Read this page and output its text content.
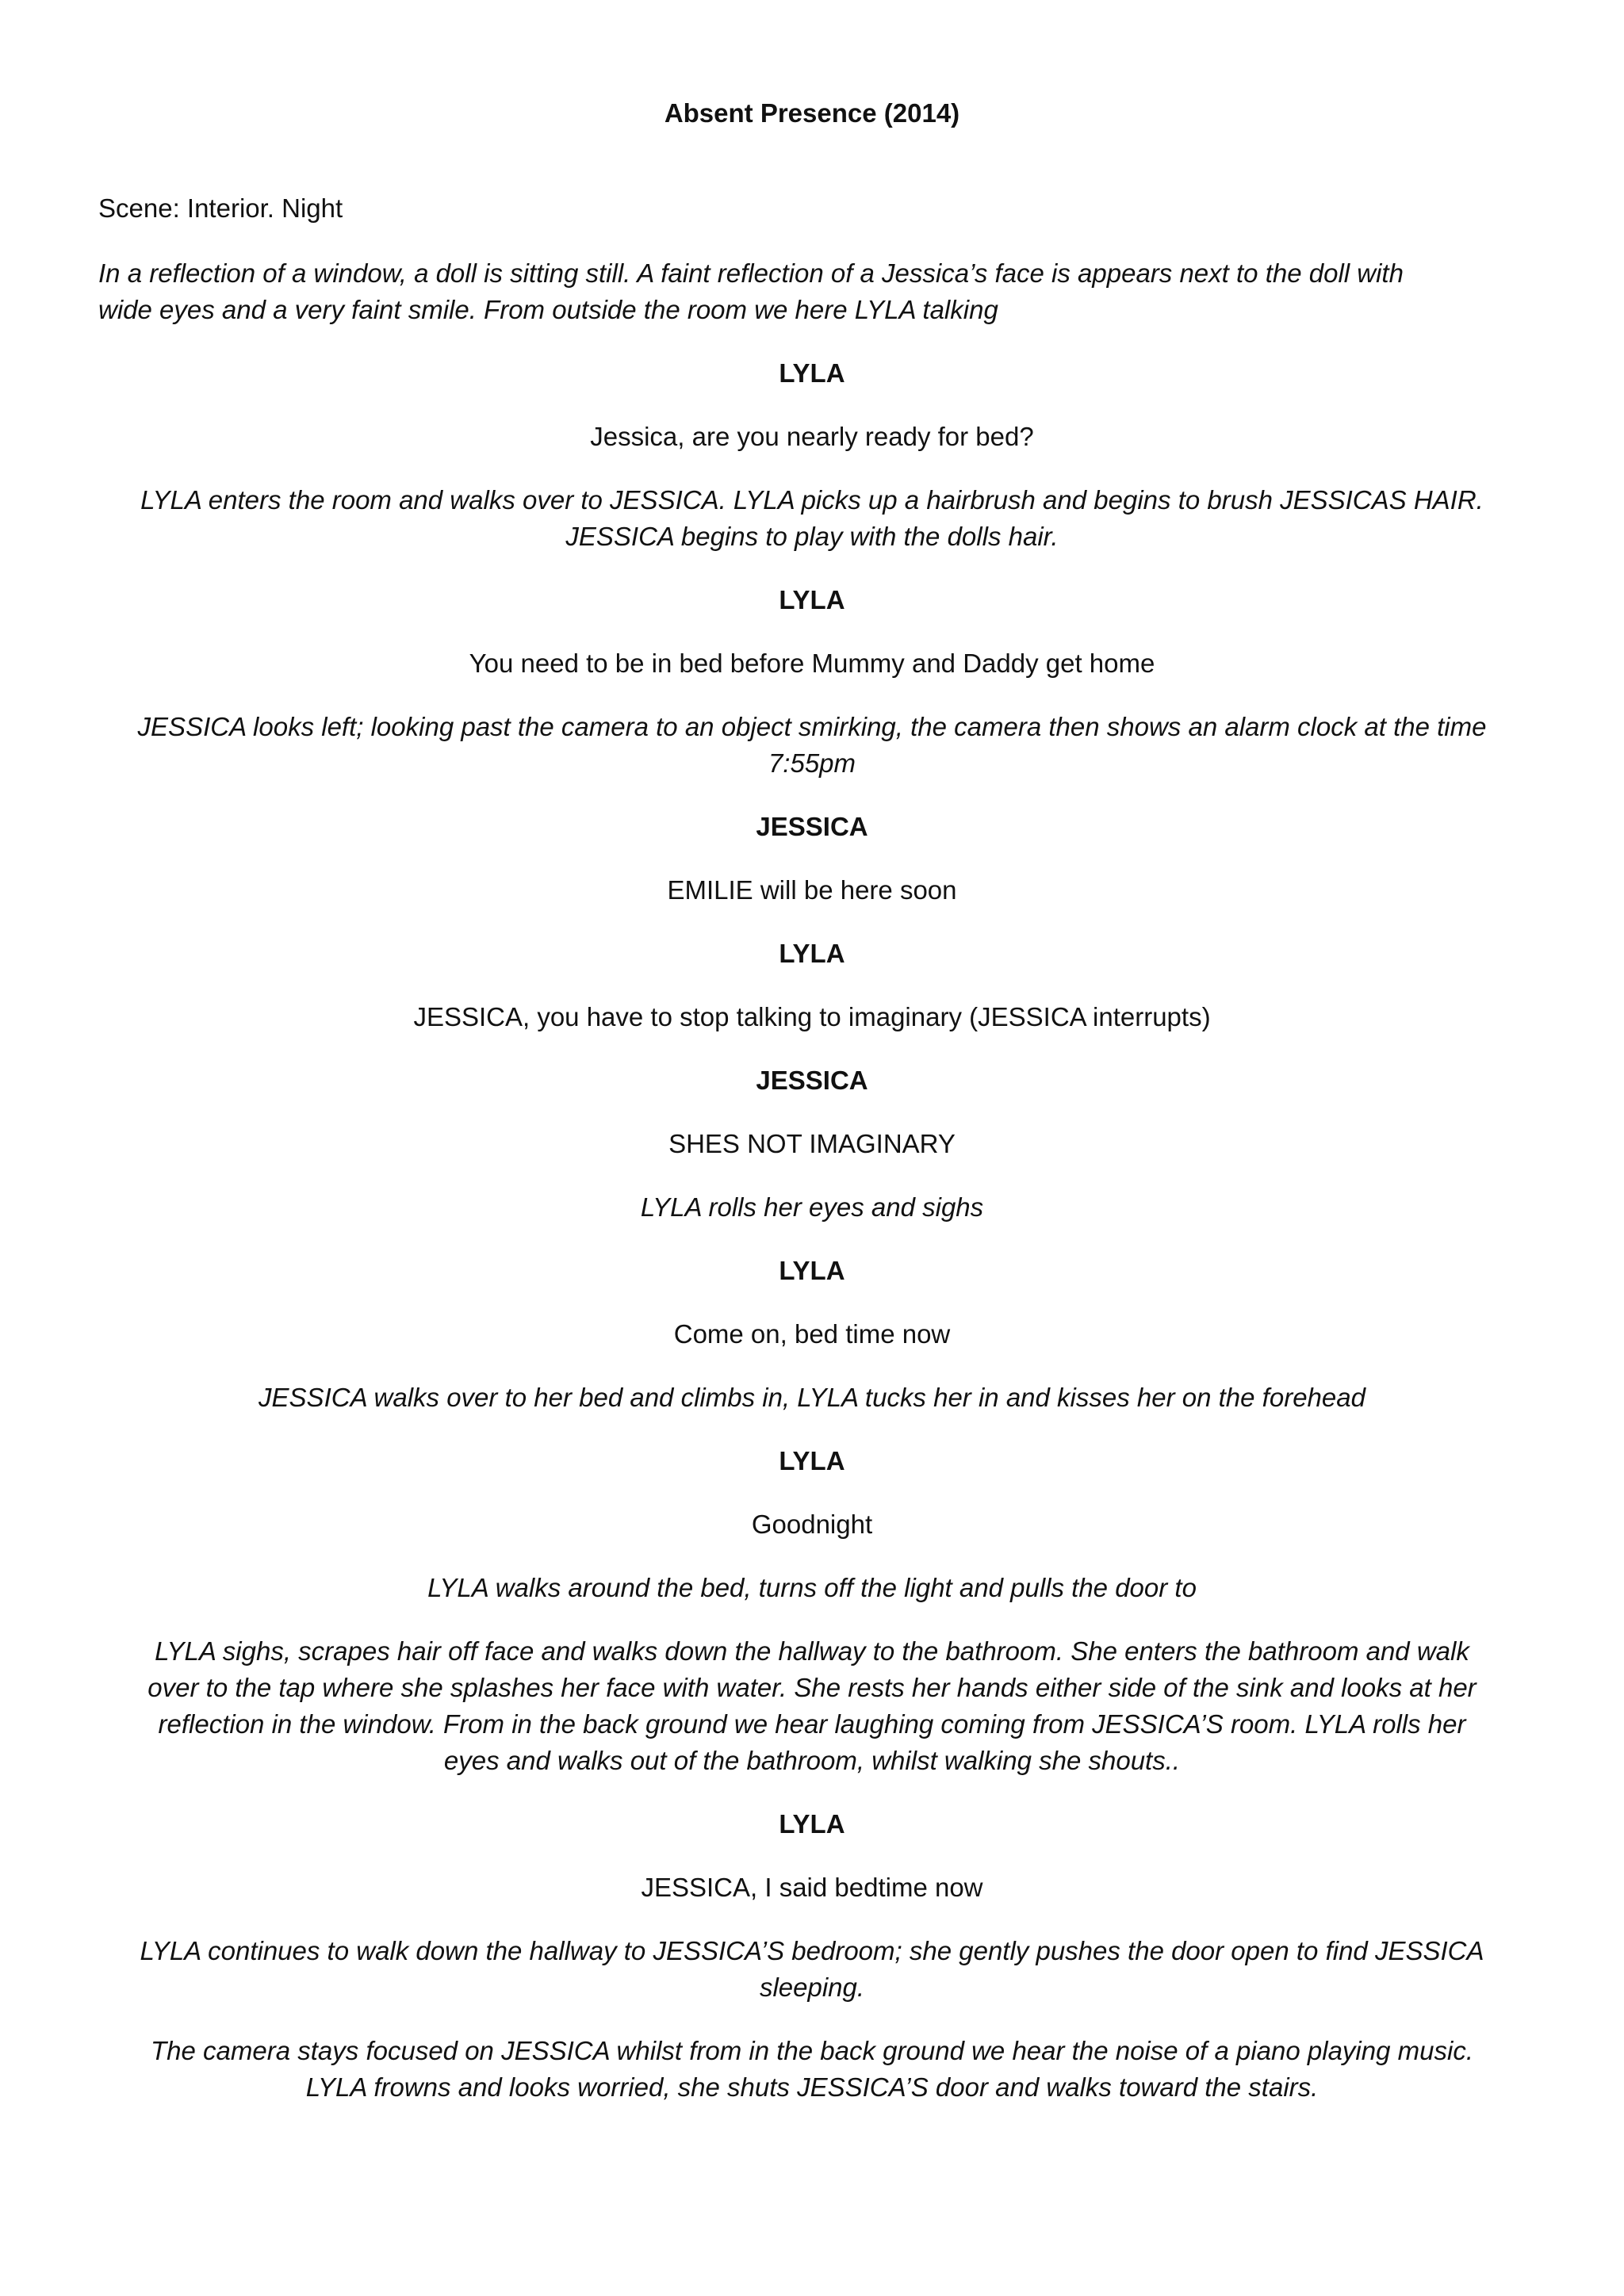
Absent Presence (2014)
Scene: Interior. Night
In a reflection of a window, a doll is sitting still. A faint reflection of a Jessica’s face is appears next to the doll with
wide eyes and a very faint smile. From outside the room we here LYLA talking
LYLA
Jessica, are you nearly ready for bed?
LYLA enters the room and walks over to JESSICA. LYLA picks up a hairbrush and begins to brush JESSICAS HAIR.
JESSICA begins to play with the dolls hair.
LYLA
You need to be in bed before Mummy and Daddy get home
JESSICA looks left; looking past the camera to an object smirking, the camera then shows an alarm clock at the time
7:55pm
JESSICA
EMILIE will be here soon
LYLA
JESSICA, you have to stop talking to imaginary (JESSICA interrupts)
JESSICA
SHES NOT IMAGINARY
LYLA rolls her eyes and sighs
LYLA
Come on, bed time now
JESSICA walks over to her bed and climbs in, LYLA tucks her in and kisses her on the forehead
LYLA
Goodnight
LYLA walks around the bed, turns off the light and pulls the door to
LYLA sighs, scrapes hair off face and walks down the hallway to the bathroom. She enters the bathroom and walk
over to the tap where she splashes her face with water. She rests her hands either side of the sink and looks at her
reflection in the window. From in the back ground we hear laughing coming from JESSICA’S room. LYLA rolls her
eyes and walks out of the bathroom, whilst walking she shouts..
LYLA
JESSICA, I said bedtime now
LYLA continues to walk down the hallway to JESSICA’S bedroom; she gently pushes the door open to find JESSICA
sleeping.
The camera stays focused on JESSICA whilst from in the back ground we hear the noise of a piano playing music.
LYLA frowns and looks worried, she shuts JESSICA’S door and walks toward the stairs.
